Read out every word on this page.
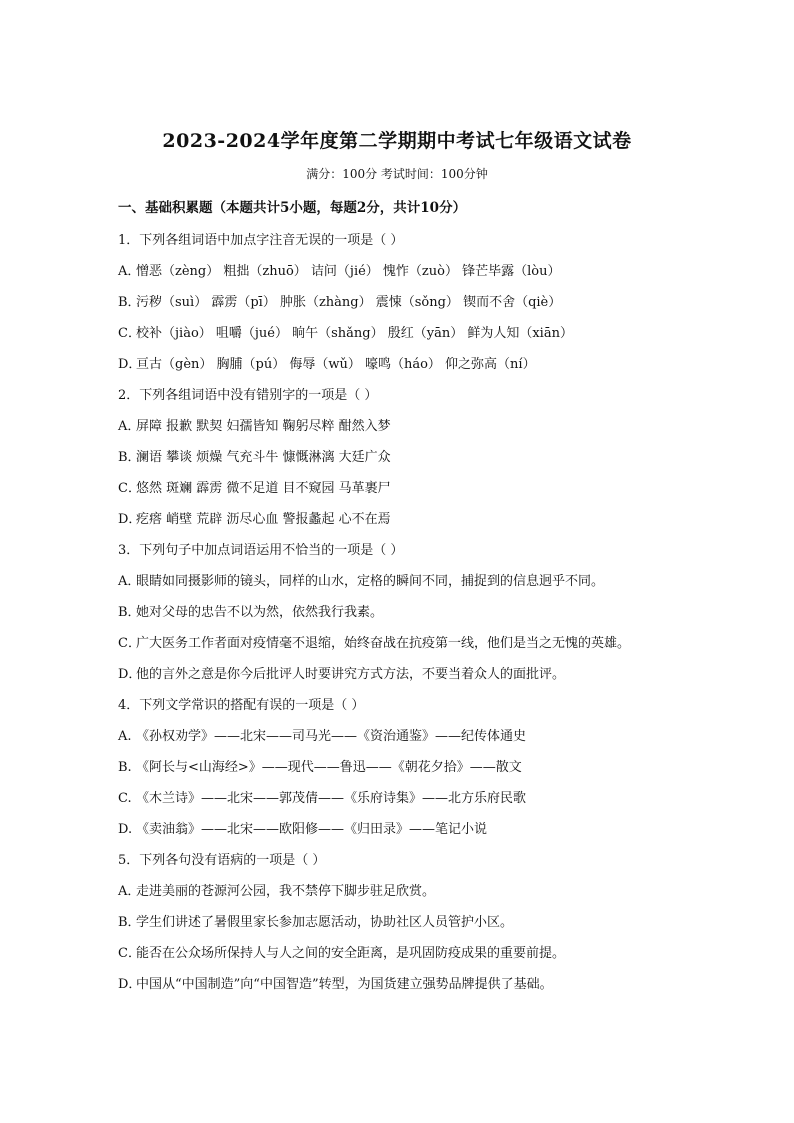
2023-2024学年度第二学期期中考试七年级语文试卷
满分：100分 考试时间：100分钟
一、基础积累题（本题共计5小题，每题2分，共计10分）
1．下列各组词语中加点字注音无误的一项是（ ）
A．
憎恶（zèng） 粗拙（zhuō） 诘问（jié） 愧怍（zuò） 锋芒毕露（lòu）
B．
污秽（suì） 霹雳（pī） 肿胀（zhàng） 震悚（sǒng） 锲而不舍（qiè）
C．
校补（jiào） 咀嚼（jué） 晌午（shǎng） 殷红（yān） 鲜为人知（xiān）
D．
亘古（gèn） 胸脯（pú） 侮辱（wǔ） 嚎鸣（háo） 仰之弥高（ní）
2．下列各组词语中没有错别字的一项是（ ）
A．
屏障 报歉 默契 妇孺皆知 鞠躬尽粹 酣然入梦
B．
澜语 攀谈 烦燥 气充斗牛 慷慨淋漓 大廷广众
C．
悠然 斑斓 霹雳 微不足道 目不窥园 马革裹尸
D．
疙瘩 峭壁 荒辟 沥尽心血 警报蠡起 心不在焉
3．下列句子中加点词语运用不恰当的一项是（ ）
A．
眼睛如同摄影师的镜头，同样的山水，定格的瞬间不同，捕捉到的信息迥乎不同。
B．
她对父母的忠告不以为然，依然我行我素。
C．
广大医务工作者面对疫情毫不退缩，始终奋战在抗疫第一线，他们是当之无愧的英雄。
D．
他的言外之意是你今后批评人时要讲究方式方法，不要当着众人的面批评。
4．下列文学常识的搭配有误的一项是（ ）
A. 《孙权劝学》——北宋——司马光——《资治通鉴》——纪传体通史
B. 《阿长与<山海经>》——现代——鲁迅——《朝花夕拾》——散文
C. 《木兰诗》——北宋——郭茂倩——《乐府诗集》——北方乐府民歌
D. 《卖油翁》——北宋——欧阳修——《归田录》——笔记小说
5．下列各句没有语病的一项是（ ）
A．
走进美丽的苍源河公园，我不禁停下脚步驻足欣赏。
B．
学生们讲述了暑假里家长参加志愿活动，协助社区人员管护小区。
C．
能否在公众场所保持人与人之间的安全距离，是巩固防疫成果的重要前提。
D．
中国从“中国制造”向“中国智造”转型，为国货建立强势品牌提供了基础。
